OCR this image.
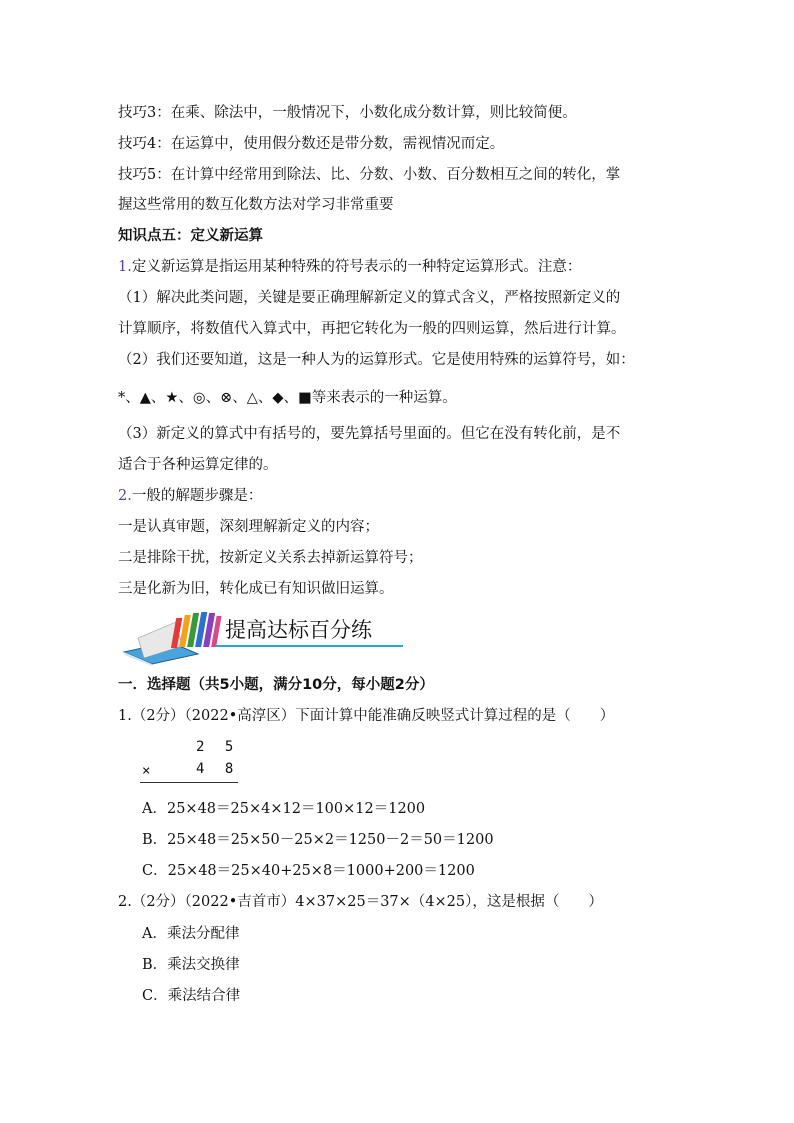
技巧3：在乘、除法中，一般情况下，小数化成分数计算，则比较简便。
技巧4：在运算中，使用假分数还是带分数，需视情况而定。
技巧5：在计算中经常用到除法、比、分数、小数、百分数相互之间的转化，掌
握这些常用的数互化数方法对学习非常重要
知识点五：定义新运算
1.定义新运算是指运用某种特殊的符号表示的一种特定运算形式。注意：
（1）解决此类问题，关键是要正确理解新定义的算式含义，严格按照新定义的
计算顺序，将数值代入算式中，再把它转化为一般的四则运算，然后进行计算。
（2）我们还要知道，这是一种人为的运算形式。它是使用特殊的运算符号，如：
*、▲、★、◎、⊗、△、◆、■等来表示的一种运算。
（3）新定义的算式中有括号的，要先算括号里面的。但它在没有转化前，是不
适合于各种运算定律的。
2.一般的解题步骤是：
一是认真审题，深刻理解新定义的内容；
二是排除干扰，按新定义关系去掉新运算符号；
三是化新为旧，转化成已有知识做旧运算。
提高达标百分练
一．选择题（共5小题，满分10分，每小题2分）
1.（2分）（2022•高淳区）下面计算中能准确反映竖式计算过程的是（　　）
2 5
×	4 8
A．25×48＝25×4×12＝100×12＝1200
B．25×48＝25×50－25×2＝1250－2＝50＝1200
C．25×48＝25×40+25×8＝1000+200＝1200
2.（2分）（2022•吉首市）4×37×25＝37×（4×25），这是根据（　　）
A．乘法分配律
B．乘法交换律
C．乘法结合律
